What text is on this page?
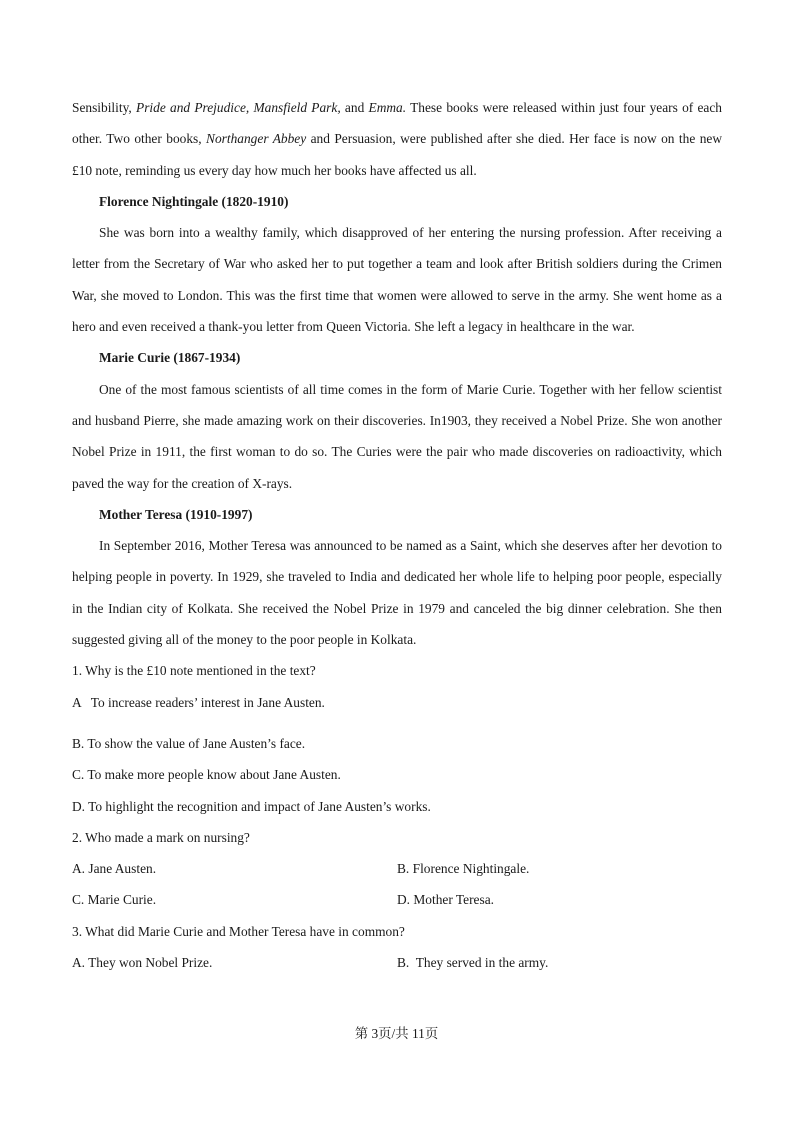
Sensibility, Pride and Prejudice, Mansfield Park, and Emma. These books were released within just four years of each other. Two other books, Northanger Abbey and Persuasion, were published after she died. Her face is now on the new £10 note, reminding us every day how much her books have affected us all.

Florence Nightingale (1820-1910)

She was born into a wealthy family, which disapproved of her entering the nursing profession. After receiving a letter from the Secretary of War who asked her to put together a team and look after British soldiers during the Crimen War, she moved to London. This was the first time that women were allowed to serve in the army. She went home as a hero and even received a thank-you letter from Queen Victoria. She left a legacy in healthcare in the war.

Marie Curie (1867-1934)

One of the most famous scientists of all time comes in the form of Marie Curie. Together with her fellow scientist and husband Pierre, she made amazing work on their discoveries. In1903, they received a Nobel Prize. She won another Nobel Prize in 1911, the first woman to do so. The Curies were the pair who made discoveries on radioactivity, which paved the way for the creation of X-rays.

Mother Teresa (1910-1997)

In September 2016, Mother Teresa was announced to be named as a Saint, which she deserves after her devotion to helping people in poverty. In 1929, she traveled to India and dedicated her whole life to helping poor people, especially in the Indian city of Kolkata. She received the Nobel Prize in 1979 and canceled the big dinner celebration. She then suggested giving all of the money to the poor people in Kolkata.

1. Why is the £10 note mentioned in the text?
A   To increase readers’ interest in Jane Austen.
B. To show the value of Jane Austen’s face.
C. To make more people know about Jane Austen.
D. To highlight the recognition and impact of Jane Austen’s works.
2. Who made a mark on nursing?
A. Jane Austen.	B. Florence Nightingale.
C. Marie Curie.	D. Mother Teresa.
3. What did Marie Curie and Mother Teresa have in common?
A. They won Nobel Prize.	B.  They served in the army.
第 3页/共 11页
